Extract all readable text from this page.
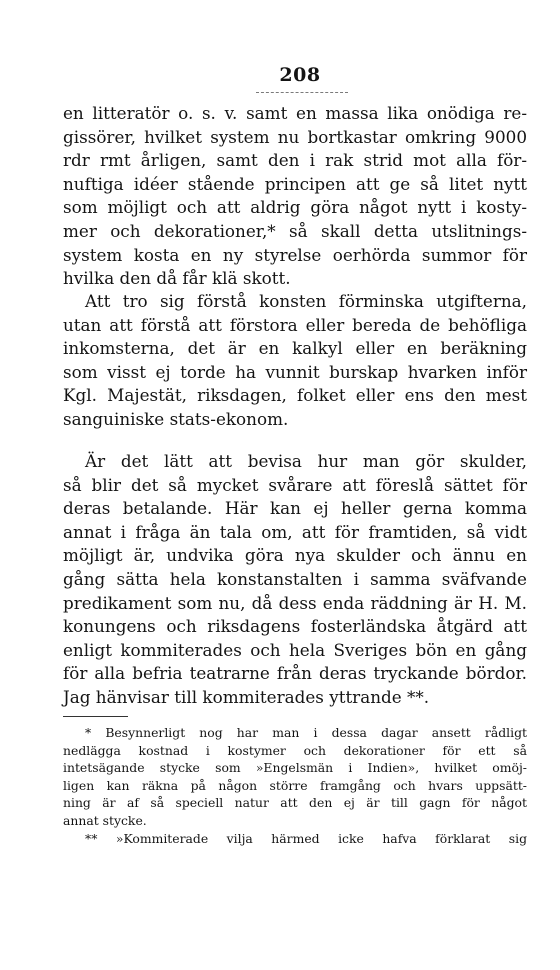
208
en litteratör o. s. v. samt en massa lika onödiga re-
gissörer, hvilket system nu bortkastar omkring 9000
rdr rmt årligen, samt den i rak strid mot alla för-
nuftiga idéer stående principen att ge så litet nytt
som möjligt och att aldrig göra något nytt i kosty-
mer och dekorationer,* så skall detta utslitnings-
system kosta en ny styrelse oerhörda summor för
hvilka den då får klä skott.
Att tro sig förstå konsten förminska utgifterna,
utan att förstå att förstora eller bereda de behöfliga
inkomsterna, det är en kalkyl eller en beräkning
som visst ej torde ha vunnit burskap hvarken inför
Kgl. Majestät, riksdagen, folket eller ens den mest
sanguiniske stats-ekonom.
Är det lätt att bevisa hur man gör skulder,
så blir det så mycket svårare att föreslå sättet för
deras betalande. Här kan ej heller gerna komma
annat i fråga än tala om, att för framtiden, så vidt
möjligt är, undvika göra nya skulder och ännu en
gång sätta hela konstanstalten i samma sväfvande
predikament som nu, då dess enda räddning är H. M.
konungens och riksdagens fosterländska åtgärd att
enligt kommiterades och hela Sveriges bön en gång
för alla befria teatrarne från deras tryckande bördor.
Jag hänvisar till kommiterades yttrande **.
* Besynnerligt nog har man i dessa dagar ansett rådligt
nedlägga kostnad i kostymer och dekorationer för ett så
intetsägande stycke som »Engelsmän i Indien», hvilket omöj-
ligen kan räkna på någon större framgång och hvars uppsätt-
ning är af så speciell natur att den ej är till gagn för något
annat stycke.
** »Kommiterade vilja härmed icke hafva förklarat sig
